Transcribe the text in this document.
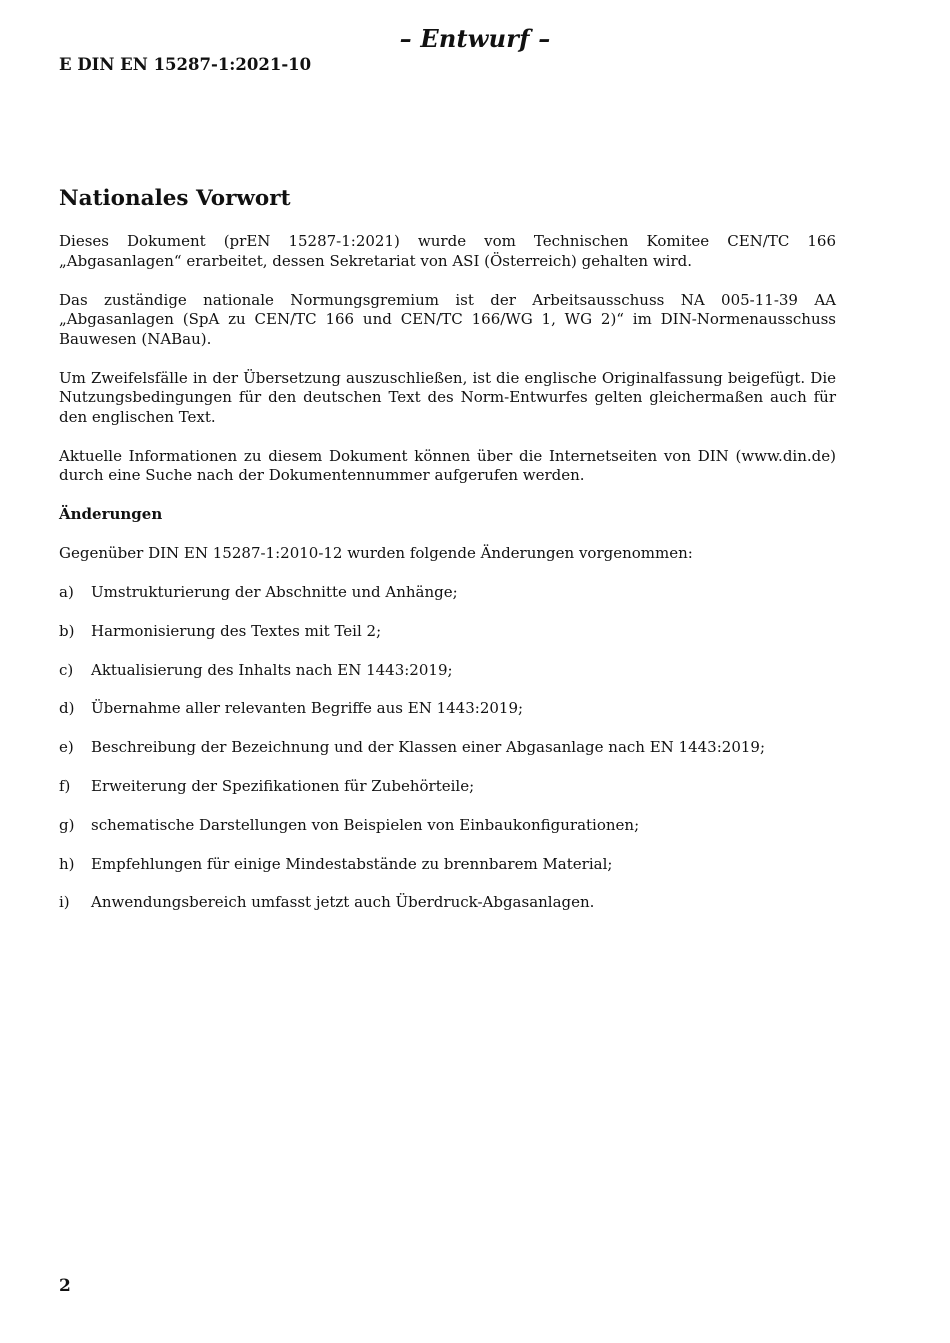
– Entwurf –
E DIN EN 15287-1:2021-10
Nationales Vorwort

Dieses Dokument (prEN 15287-1:2021) wurde vom Technischen Komitee CEN/TC 166 „Abgasanlagen“ erarbeitet, dessen Sekretariat von ASI (Österreich) gehalten wird.

Das zuständige nationale Normungsgremium ist der Arbeitsausschuss NA 005-11-39 AA „Abgasanlagen (SpA zu CEN/TC 166 und CEN/TC 166/WG 1, WG 2)“ im DIN-Normenausschuss Bauwesen (NABau).

Um Zweifelsfälle in der Übersetzung auszuschließen, ist die englische Originalfassung beigefügt. Die Nutzungsbedingungen für den deutschen Text des Norm-Entwurfes gelten gleichermaßen auch für den englischen Text.

Aktuelle Informationen zu diesem Dokument können über die Internetseiten von DIN (www.din.de) durch eine Suche nach der Dokumentennummer aufgerufen werden.

Änderungen

Gegenüber DIN EN 15287-1:2010-12 wurden folgende Änderungen vorgenommen:

a)	Umstrukturierung der Abschnitte und Anhänge;
b)	Harmonisierung des Textes mit Teil 2;
c)	Aktualisierung des Inhalts nach EN 1443:2019;
d)	Übernahme aller relevanten Begriffe aus EN 1443:2019;
e)	Beschreibung der Bezeichnung und der Klassen einer Abgasanlage nach EN 1443:2019;
f)	Erweiterung der Spezifikationen für Zubehörteile;
g)	schematische Darstellungen von Beispielen von Einbaukonfigurationen;
h)	Empfehlungen für einige Mindestabstände zu brennbarem Material;
i)	Anwendungsbereich umfasst jetzt auch Überdruck-Abgasanlagen.
2
